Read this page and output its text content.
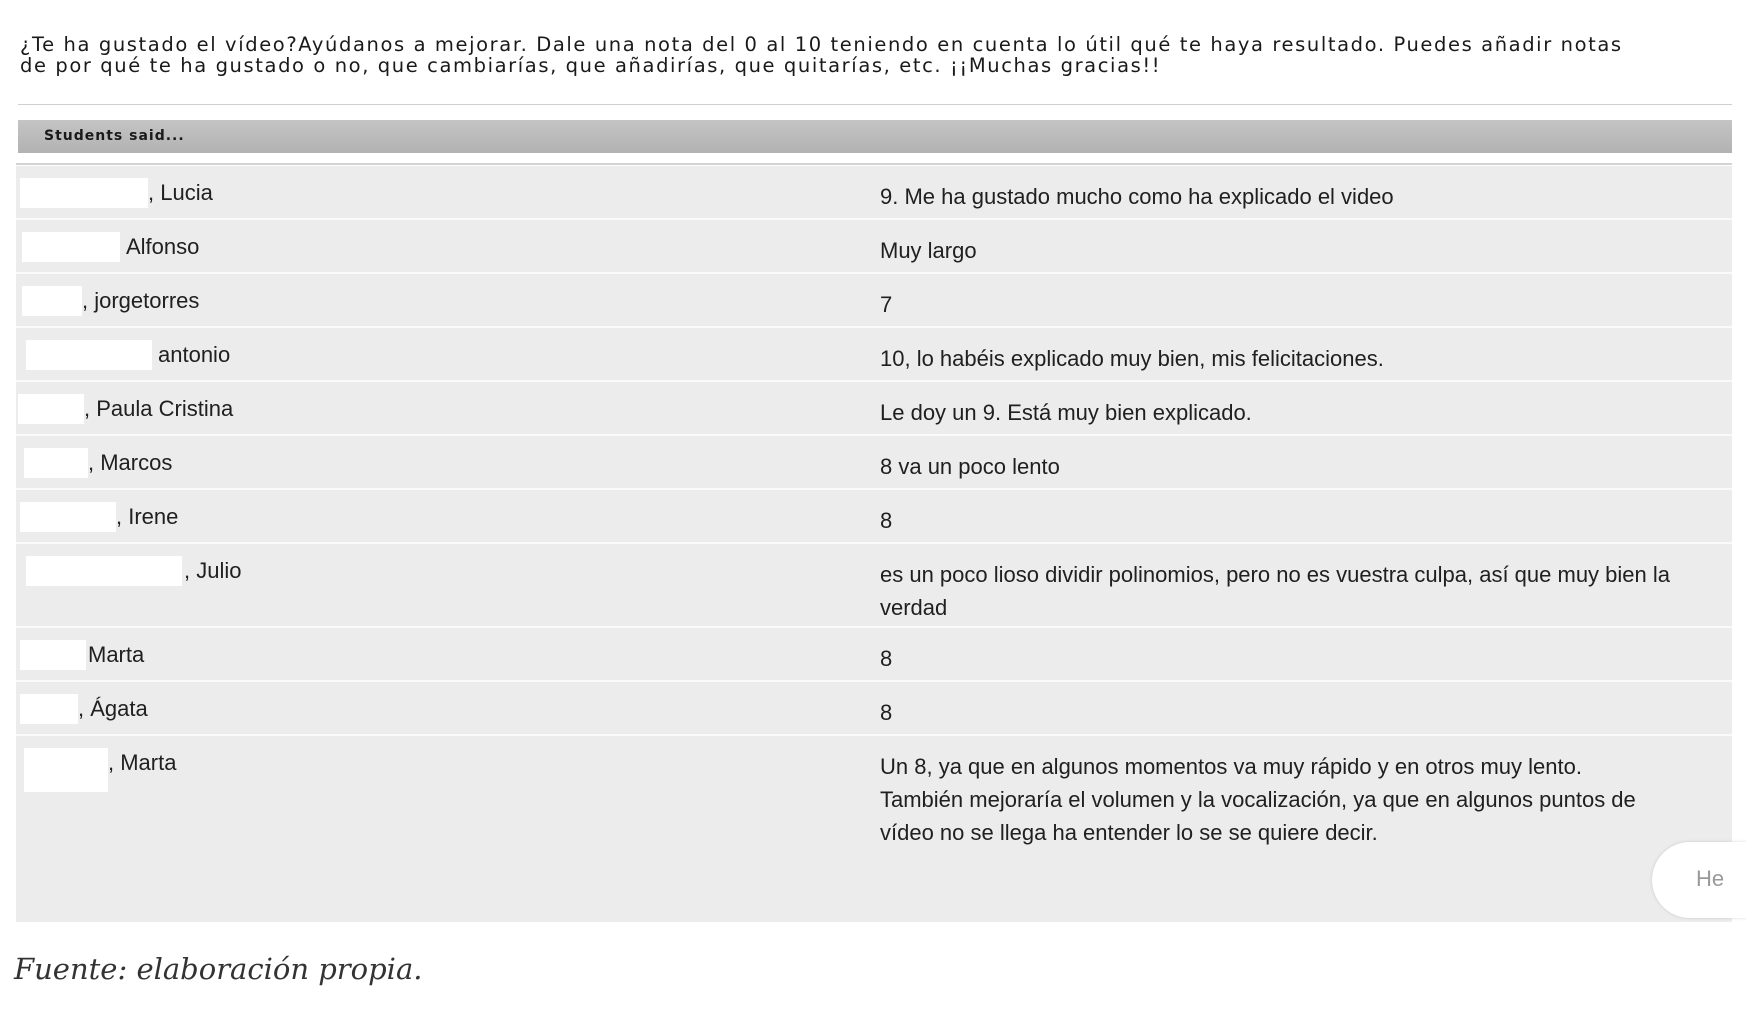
¿Te ha gustado el vídeo?Ayúdanos a mejorar. Dale una nota del 0 al 10 teniendo en cuenta lo útil qué te haya resultado. Puedes añadir notas de por qué te ha gustado o no, que cambiarías, que añadirías, que quitarías, etc. ¡¡Muchas gracias!!
Students said...
, Lucia	9. Me ha gustado mucho como ha explicado el video
Alfonso	Muy largo
, jorgetorres	7
antonio	10, lo habéis explicado muy bien, mis felicitaciones.
, Paula Cristina	Le doy un 9. Está muy bien explicado.
, Marcos	8 va un poco lento
, Irene	8
, Julio	es un poco lioso dividir polinomios, pero no es vuestra culpa, así que muy bien la verdad
Marta	8
, Ágata	8
, Marta	Un 8, ya que en algunos momentos va muy rápido y en otros muy lento. También mejoraría el volumen y la vocalización, ya que en algunos puntos de vídeo no se llega ha entender lo se se quiere decir.
He
Fuente: elaboración propia.
